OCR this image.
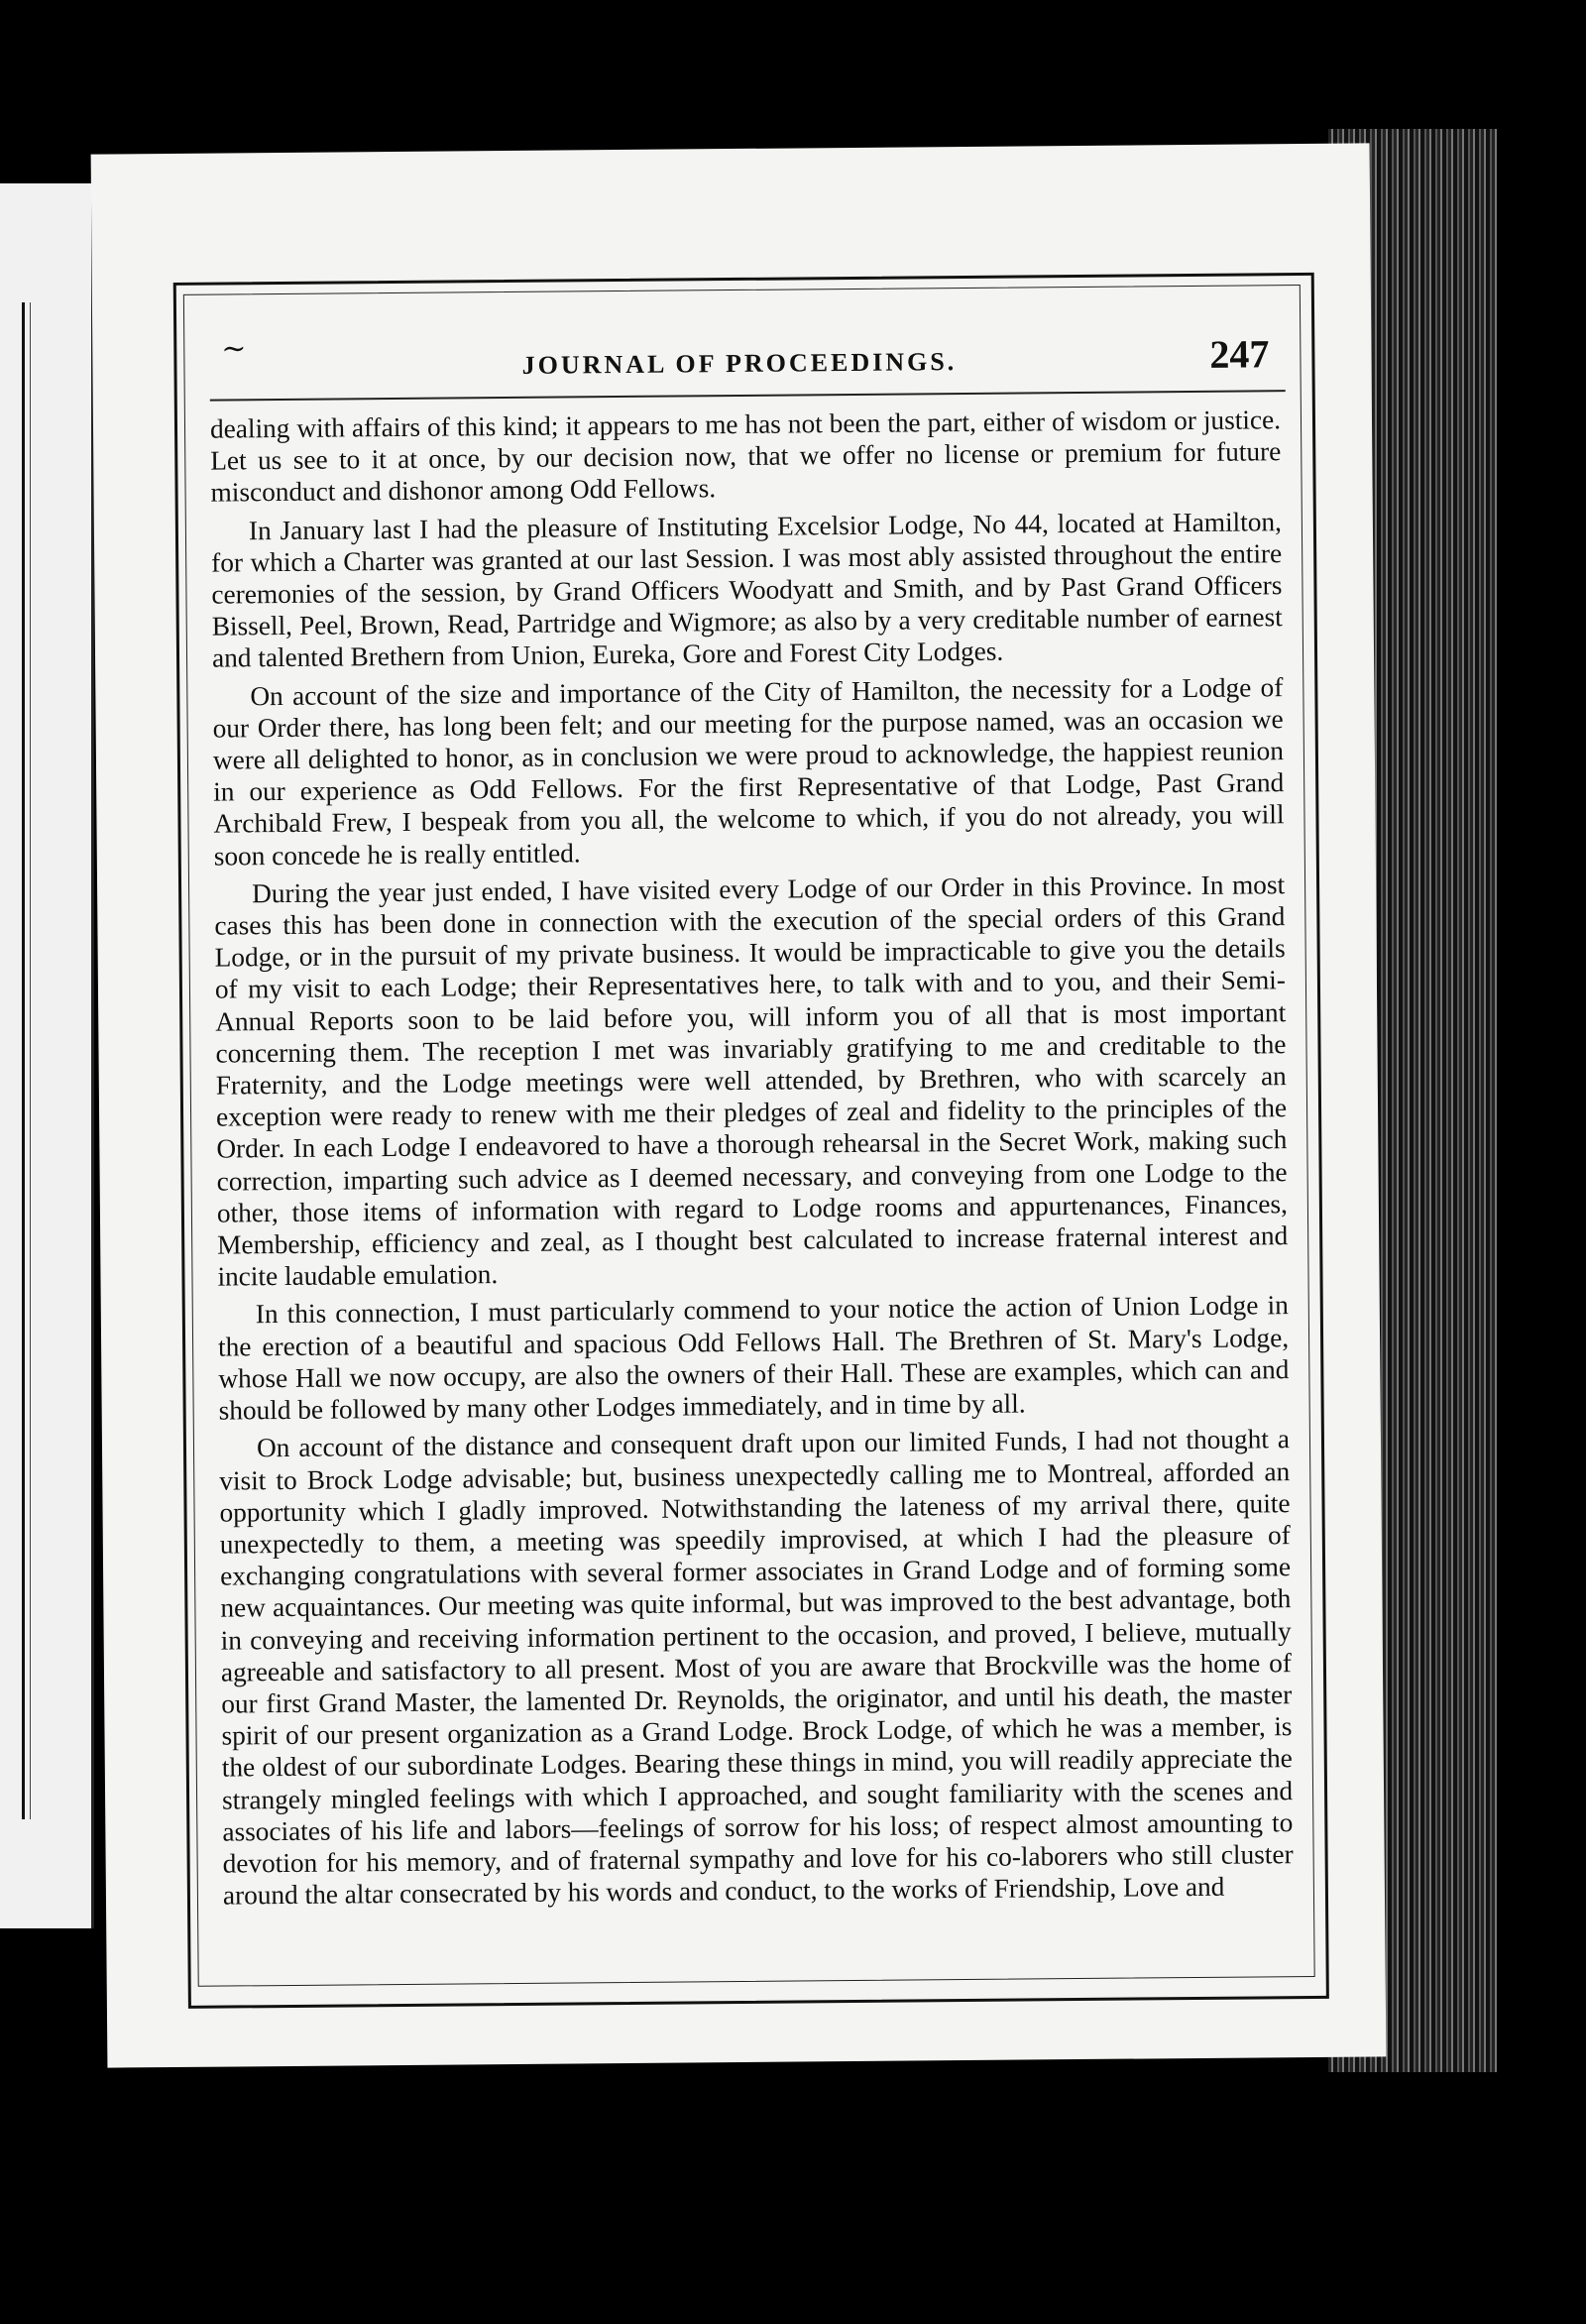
∼	JOURNAL OF PROCEEDINGS.	247

dealing with affairs of this kind; it appears to me has not been the part, either of wisdom or justice. Let us see to it at once, by our decision now, that we offer no license or premium for future misconduct and dishonor among Odd Fellows.

In January last I had the pleasure of Instituting Excelsior Lodge, No 44, located at Hamilton, for which a Charter was granted at our last Session. I was most ably assisted throughout the entire ceremonies of the session, by Grand Officers Woodyatt and Smith, and by Past Grand Officers Bissell, Peel, Brown, Read, Partridge and Wigmore; as also by a very creditable number of earnest and talented Brethern from Union, Eureka, Gore and Forest City Lodges.

On account of the size and importance of the City of Hamilton, the necessity for a Lodge of our Order there, has long been felt; and our meeting for the purpose named, was an occasion we were all delighted to honor, as in conclusion we were proud to acknowledge, the happiest reunion in our experience as Odd Fellows. For the first Representative of that Lodge, Past Grand Archibald Frew, I bespeak from you all, the welcome to which, if you do not already, you will soon concede he is really entitled.

During the year just ended, I have visited every Lodge of our Order in this Province. In most cases this has been done in connection with the execution of the special orders of this Grand Lodge, or in the pursuit of my private business. It would be impracticable to give you the details of my visit to each Lodge; their Representatives here, to talk with and to you, and their Semi-Annual Reports soon to be laid before you, will inform you of all that is most important concerning them. The reception I met was invariably gratifying to me and creditable to the Fraternity, and the Lodge meetings were well attended, by Brethren, who with scarcely an exception were ready to renew with me their pledges of zeal and fidelity to the principles of the Order. In each Lodge I endeavored to have a thorough rehearsal in the Secret Work, making such correction, imparting such advice as I deemed necessary, and conveying from one Lodge to the other, those items of information with regard to Lodge rooms and appurtenances, Finances, Membership, efficiency and zeal, as I thought best calculated to increase fraternal interest and incite laudable emulation.

In this connection, I must particularly commend to your notice the action of Union Lodge in the erection of a beautiful and spacious Odd Fellows Hall. The Brethren of St. Mary's Lodge, whose Hall we now occupy, are also the owners of their Hall. These are examples, which can and should be followed by many other Lodges immediately, and in time by all.

On account of the distance and consequent draft upon our limited Funds, I had not thought a visit to Brock Lodge advisable; but, business unexpectedly calling me to Montreal, afforded an opportunity which I gladly improved. Notwithstanding the lateness of my arrival there, quite unexpectedly to them, a meeting was speedily improvised, at which I had the pleasure of exchanging congratulations with several former associates in Grand Lodge and of forming some new acquaintances. Our meeting was quite informal, but was improved to the best advantage, both in conveying and receiving information pertinent to the occasion, and proved, I believe, mutually agreeable and satisfactory to all present. Most of you are aware that Brockville was the home of our first Grand Master, the lamented Dr. Reynolds, the originator, and until his death, the master spirit of our present organization as a Grand Lodge. Brock Lodge, of which he was a member, is the oldest of our subordinate Lodges. Bearing these things in mind, you will readily appreciate the strangely mingled feelings with which I approached, and sought familiarity with the scenes and associates of his life and labors—feelings of sorrow for his loss; of respect almost amounting to devotion for his memory, and of fraternal sympathy and love for his co-laborers who still cluster around the altar consecrated by his words and conduct, to the works of Friendship, Love and
